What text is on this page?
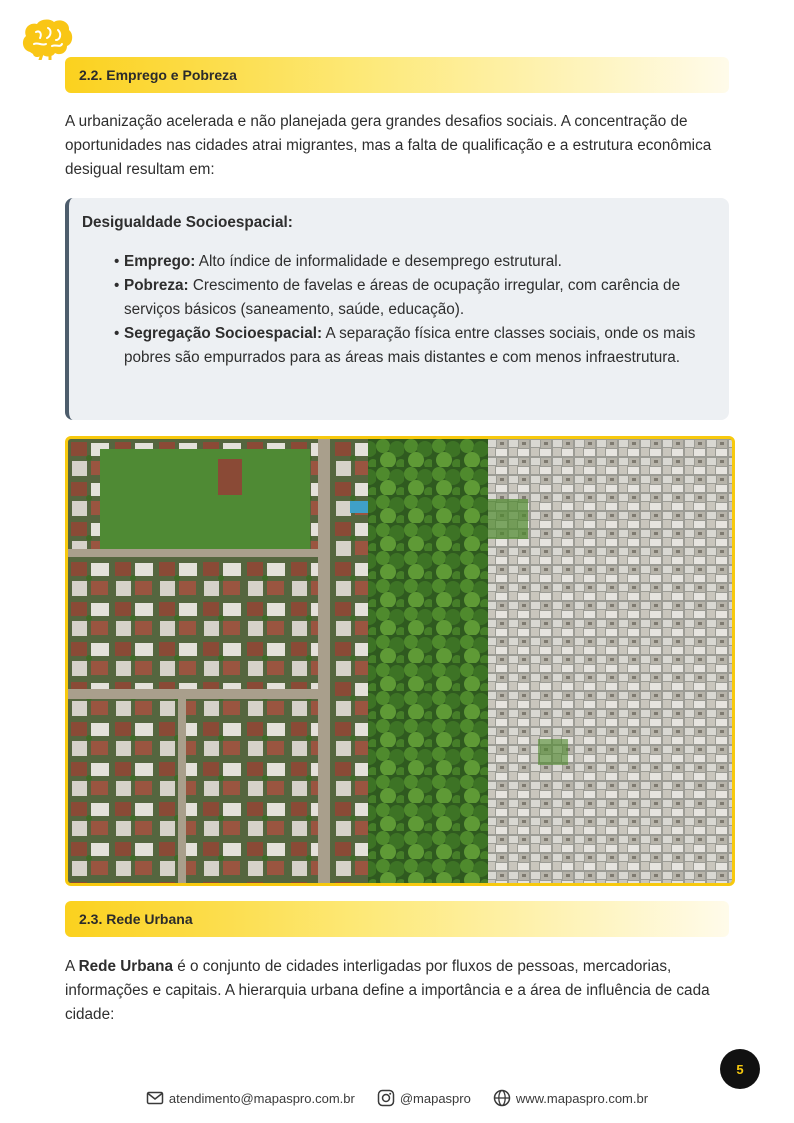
2.2. Emprego e Pobreza

A urbanização acelerada e não planejada gera grandes desafios sociais. A concentração de oportunidades nas cidades atrai migrantes, mas a falta de qualificação e a estrutura econômica desigual resultam em:

Desigualdade Socioespacial:
• Emprego: Alto índice de informalidade e desemprego estrutural.
• Pobreza: Crescimento de favelas e áreas de ocupação irregular, com carência de serviços básicos (saneamento, saúde, educação).
• Segregação Socioespacial: A separação física entre classes sociais, onde os mais pobres são empurrados para as áreas mais distantes e com menos infraestrutura.
2.3. Rede Urbana

A Rede Urbana é o conjunto de cidades interligadas por fluxos de pessoas, mercadorias, informações e capitais. A hierarquia urbana define a importância e a área de influência de cada cidade:

5
atendimento@mapaspro.com.br	@mapaspro	www.mapaspro.com.br
